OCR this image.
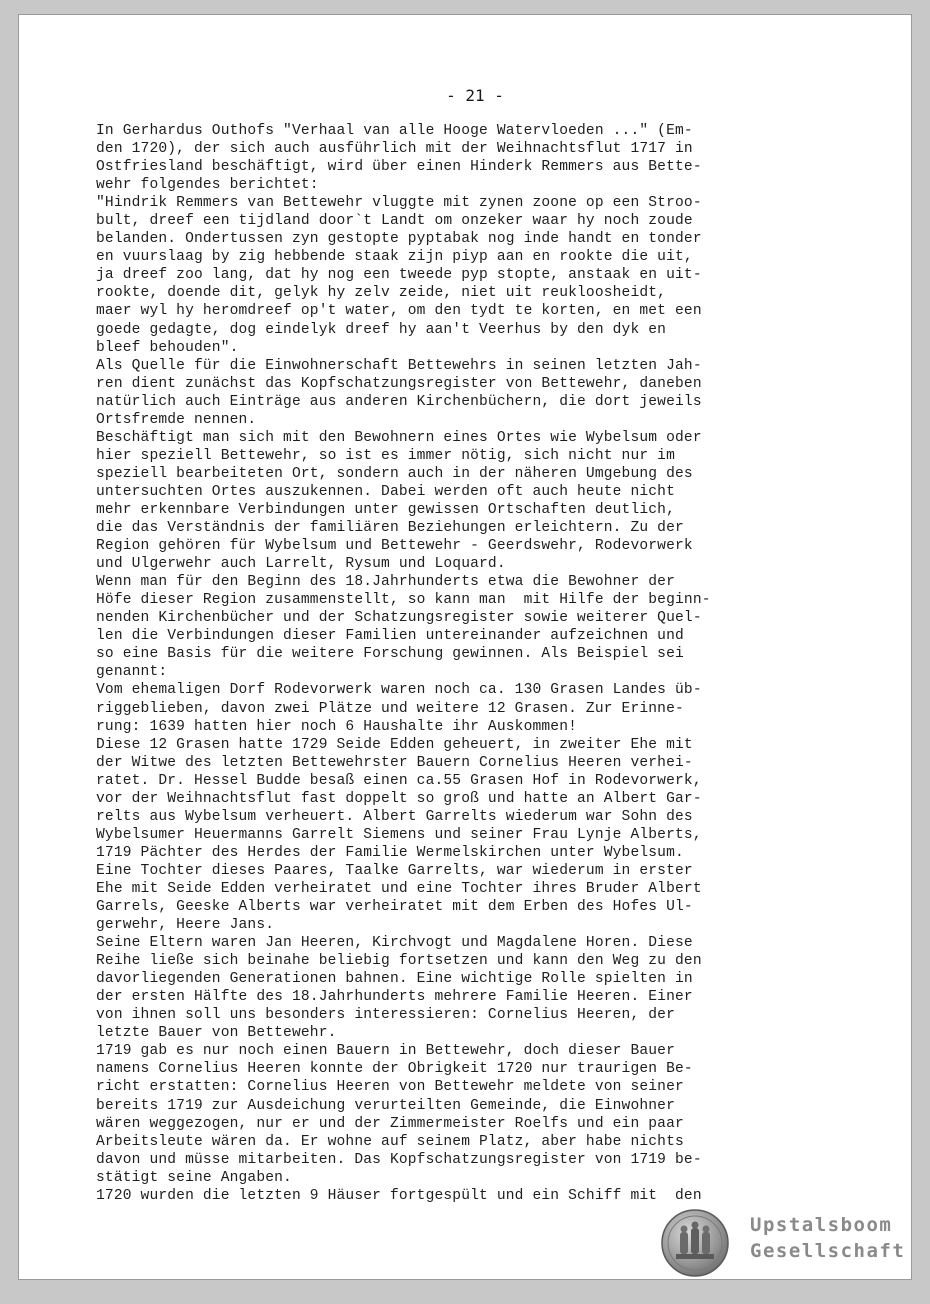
- 21 -
In Gerhardus Outhofs "Verhaal van alle Hooge Watervloeden ..." (Em-
den 1720), der sich auch ausführlich mit der Weihnachtsflut 1717 in
Ostfriesland beschäftigt, wird über einen Hinderk Remmers aus Bette-
wehr folgendes berichtet:
"Hindrik Remmers van Bettewehr vluggte mit zynen zoone op een Stroo-
bult, dreef een tijdland door`t Landt om onzeker waar hy noch zoude
belanden. Ondertussen zyn gestopte pyptabak nog inde handt en tonder
en vuurslaag by zig hebbende staak zijn piyp aan en rookte die uit,
ja dreef zoo lang, dat hy nog een tweede pyp stopte, anstaak en uit-
rookte, doende dit, gelyk hy zelv zeide, niet uit reukloosheidt,
maer wyl hy heromdreef op't water, om den tydt te korten, en met een
goede gedagte, dog eindelyk dreef hy aan't Veerhus by den dyk en
bleef behouden".
Als Quelle für die Einwohnerschaft Bettewehrs in seinen letzten Jah-
ren dient zunächst das Kopfschatzungsregister von Bettewehr, daneben
natürlich auch Einträge aus anderen Kirchenbüchern, die dort jeweils
Ortsfremde nennen.
Beschäftigt man sich mit den Bewohnern eines Ortes wie Wybelsum oder
hier speziell Bettewehr, so ist es immer nötig, sich nicht nur im
speziell bearbeiteten Ort, sondern auch in der näheren Umgebung des
untersuchten Ortes auszukennen. Dabei werden oft auch heute nicht
mehr erkennbare Verbindungen unter gewissen Ortschaften deutlich,
die das Verständnis der familiären Beziehungen erleichtern. Zu der
Region gehören für Wybelsum und Bettewehr - Geerdswehr, Rodevorwerk
und Ulgerwehr auch Larrelt, Rysum und Loquard.
Wenn man für den Beginn des 18.Jahrhunderts etwa die Bewohner der
Höfe dieser Region zusammenstellt, so kann man  mit Hilfe der beginn-
nenden Kirchenbücher und der Schatzungsregister sowie weiterer Quel-
len die Verbindungen dieser Familien untereinander aufzeichnen und
so eine Basis für die weitere Forschung gewinnen. Als Beispiel sei
genannt:
Vom ehemaligen Dorf Rodevorwerk waren noch ca. 130 Grasen Landes üb-
riggeblieben, davon zwei Plätze und weitere 12 Grasen. Zur Erinne-
rung: 1639 hatten hier noch 6 Haushalte ihr Auskommen!
Diese 12 Grasen hatte 1729 Seide Edden geheuert, in zweiter Ehe mit
der Witwe des letzten Bettewehrster Bauern Cornelius Heeren verhei-
ratet. Dr. Hessel Budde besaß einen ca.55 Grasen Hof in Rodevorwerk,
vor der Weihnachtsflut fast doppelt so groß und hatte an Albert Gar-
relts aus Wybelsum verheuert. Albert Garrelts wiederum war Sohn des
Wybelsumer Heuermanns Garrelt Siemens und seiner Frau Lynje Alberts,
1719 Pächter des Herdes der Familie Wermelskirchen unter Wybelsum.
Eine Tochter dieses Paares, Taalke Garrelts, war wiederum in erster
Ehe mit Seide Edden verheiratet und eine Tochter ihres Bruder Albert
Garrels, Geeske Alberts war verheiratet mit dem Erben des Hofes Ul-
gerwehr, Heere Jans.
Seine Eltern waren Jan Heeren, Kirchvogt und Magdalene Horen. Diese
Reihe ließe sich beinahe beliebig fortsetzen und kann den Weg zu den
davorliegenden Generationen bahnen. Eine wichtige Rolle spielten in
der ersten Hälfte des 18.Jahrhunderts mehrere Familie Heeren. Einer
von ihnen soll uns besonders interessieren: Cornelius Heeren, der
letzte Bauer von Bettewehr.
1719 gab es nur noch einen Bauern in Bettewehr, doch dieser Bauer
namens Cornelius Heeren konnte der Obrigkeit 1720 nur traurigen Be-
richt erstatten: Cornelius Heeren von Bettewehr meldete von seiner
bereits 1719 zur Ausdeichung verurteilten Gemeinde, die Einwohner
wären weggezogen, nur er und der Zimmermeister Roelfs und ein paar
Arbeitsleute wären da. Er wohne auf seinem Platz, aber habe nichts
davon und müsse mitarbeiten. Das Kopfschatzungsregister von 1719 be-
stätigt seine Angaben.
1720 wurden die letzten 9 Häuser fortgespült und ein Schiff mit  den
Upstalsboom
Gesellschaft
